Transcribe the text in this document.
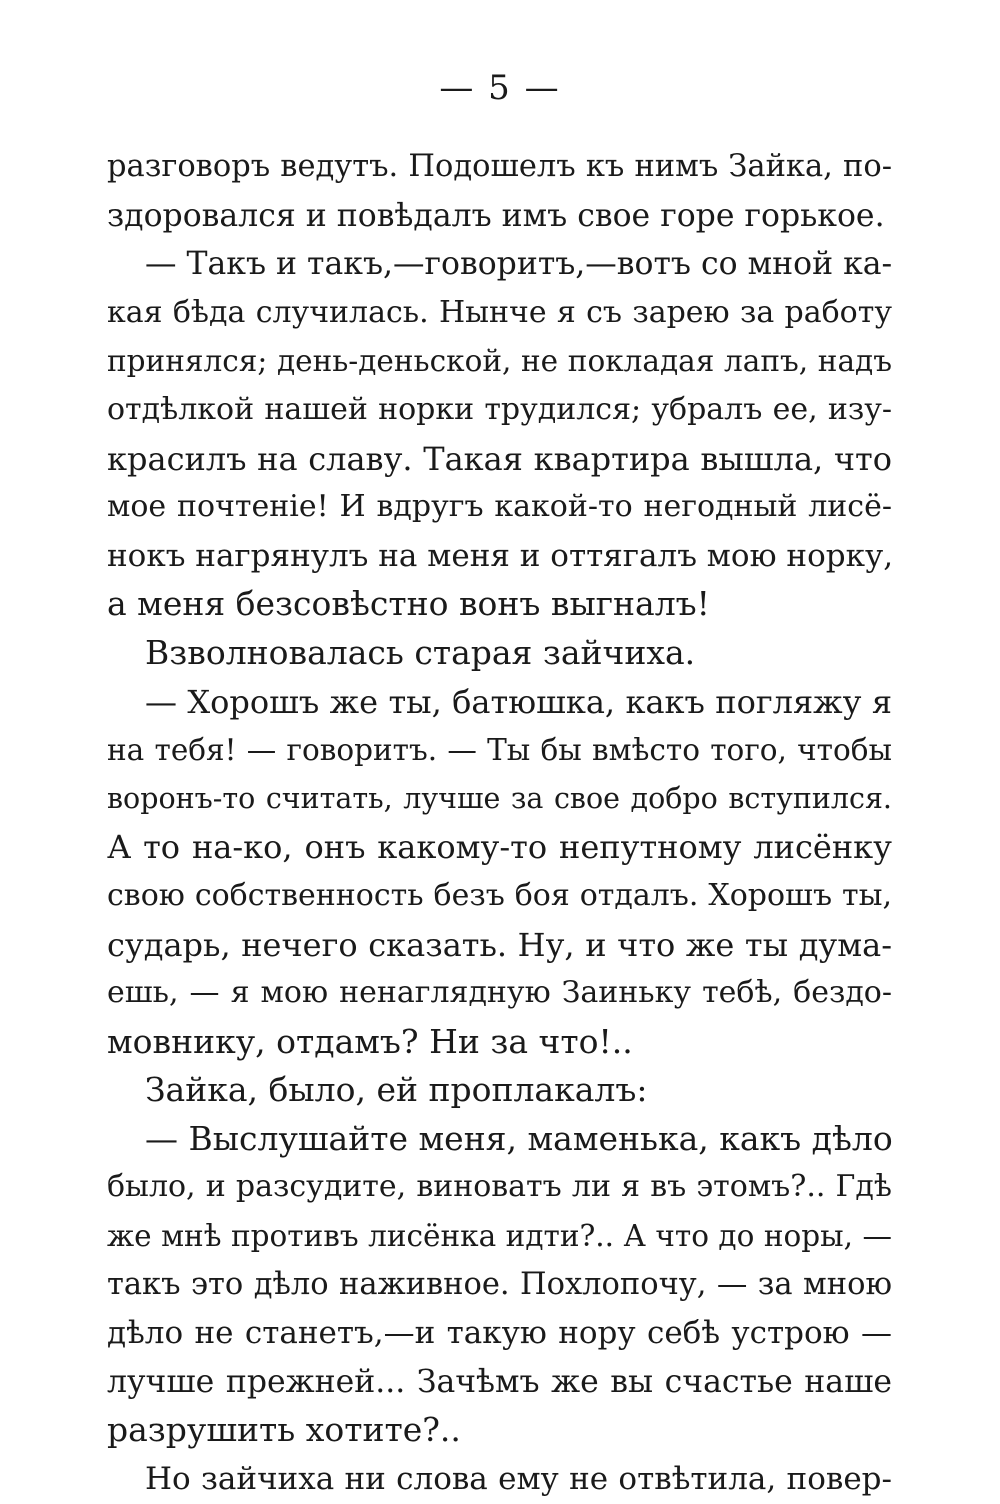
— 5 —
разговоръ ведутъ. Подошелъ къ нимъ Зайка, по-
здоровался и повѣдалъ имъ свое горе горькое.
— Такъ и такъ,—говоритъ,—вотъ со мной ка-
кая бѣда случилась. Нынче я съ зарею за работу
принялся; день-деньской, не покладая лапъ, надъ
отдѣлкой нашей норки трудился; убралъ ее, изу-
красилъ на славу. Такая квартира вышла, что
мое почтеніе! И вдругъ какой-то негодный лисё-
нокъ нагрянулъ на меня и оттягалъ мою норку,
а меня безсовѣстно вонъ выгналъ!
Взволновалась старая зайчиха.
— Хорошъ же ты, батюшка, какъ погляжу я
на тебя! — говоритъ. — Ты бы вмѣсто того, чтобы
воронъ-то считать, лучше за свое добро вступился.
А то на-ко, онъ какому-то непутному лисёнку
свою собственность безъ боя отдалъ. Хорошъ ты,
сударь, нечего сказать. Ну, и что же ты дума-
ешь, — я мою ненаглядную Заиньку тебѣ, бездо-
мовнику, отдамъ? Ни за что!..
Зайка, было, ей проплакалъ:
— Выслушайте меня, маменька, какъ дѣло
было, и разсудите, виноватъ ли я въ этомъ?.. Гдѣ
же мнѣ противъ лисёнка идти?.. А что до норы, —
такъ это дѣло наживное. Похлопочу, — за мною
дѣло не станетъ,—и такую нору себѣ устрою —
лучше прежней... Зачѣмъ же вы счастье наше
разрушить хотите?..
Но зайчиха ни слова ему не отвѣтила, повер-
